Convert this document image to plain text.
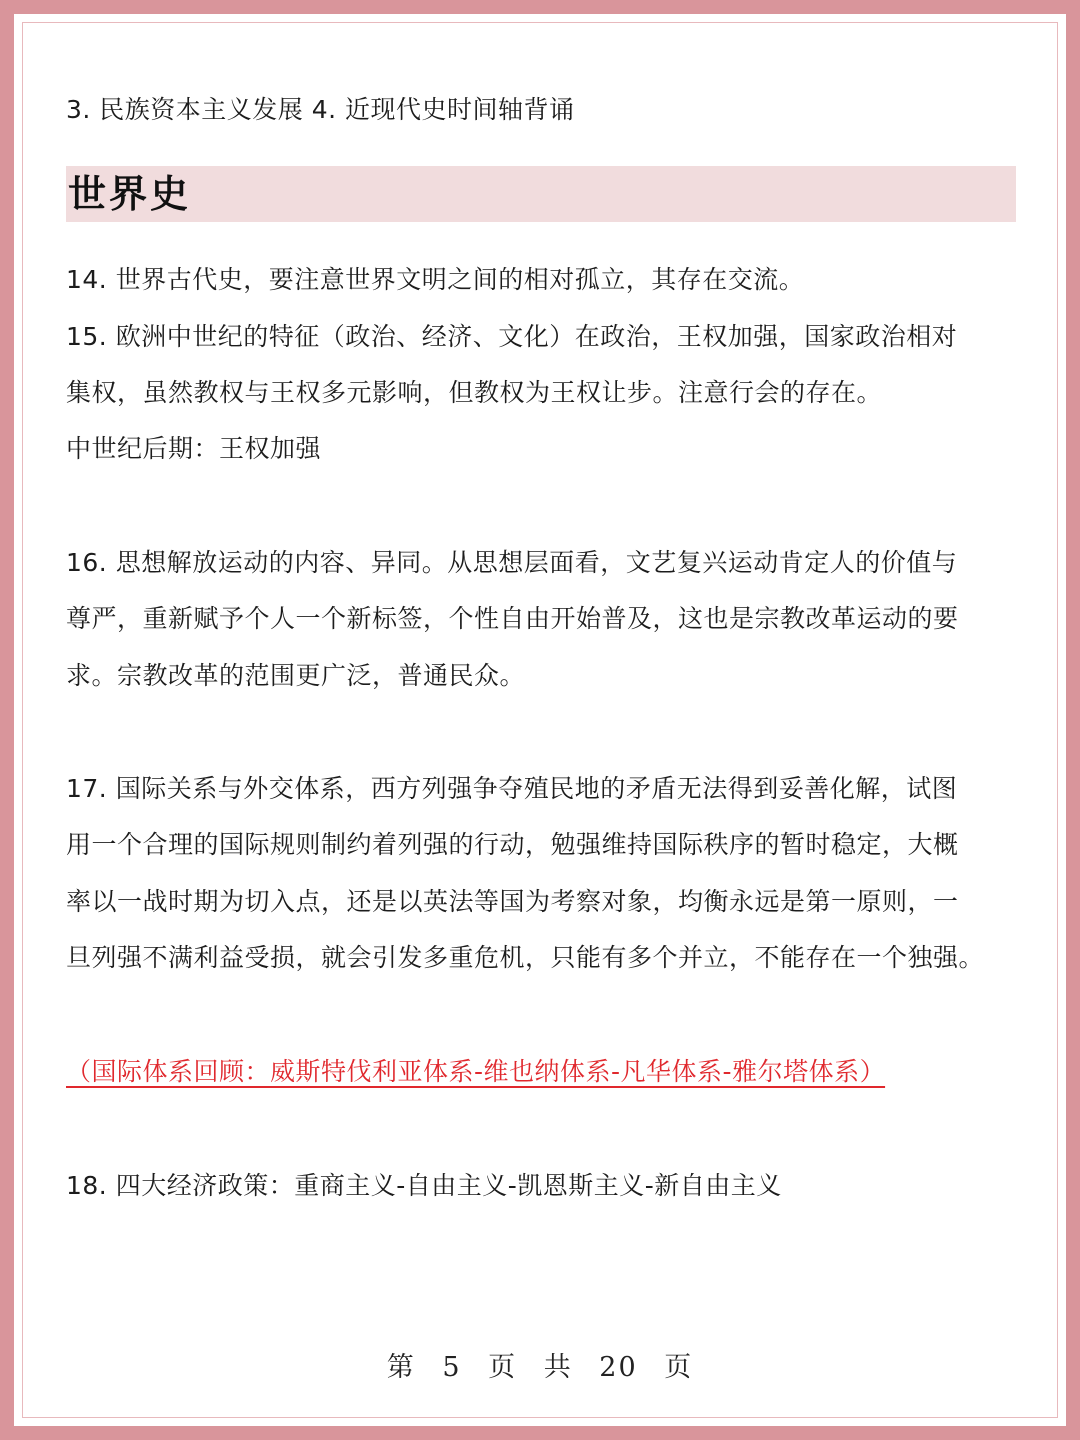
世界史
3. 民族资本主义发展 4. 近现代史时间轴背诵
14. 世界古代史，要注意世界文明之间的相对孤立，其存在交流。
15. 欧洲中世纪的特征（政治、经济、文化）在政治，王权加强，国家政治相对
集权，虽然教权与王权多元影响，但教权为王权让步。注意行会的存在。
中世纪后期：王权加强
16. 思想解放运动的内容、异同。从思想层面看，文艺复兴运动肯定人的价值与
尊严，重新赋予个人一个新标签，个性自由开始普及，这也是宗教改革运动的要
求。宗教改革的范围更广泛，普通民众。
17. 国际关系与外交体系，西方列强争夺殖民地的矛盾无法得到妥善化解，试图
用一个合理的国际规则制约着列强的行动，勉强维持国际秩序的暂时稳定，大概
率以一战时期为切入点，还是以英法等国为考察对象，均衡永远是第一原则，一
旦列强不满利益受损，就会引发多重危机，只能有多个并立，不能存在一个独强。
（国际体系回顾：威斯特伐利亚体系-维也纳体系-凡华体系-雅尔塔体系）
18. 四大经济政策：重商主义-自由主义-凯恩斯主义-新自由主义
第 5 页 共 20 页
